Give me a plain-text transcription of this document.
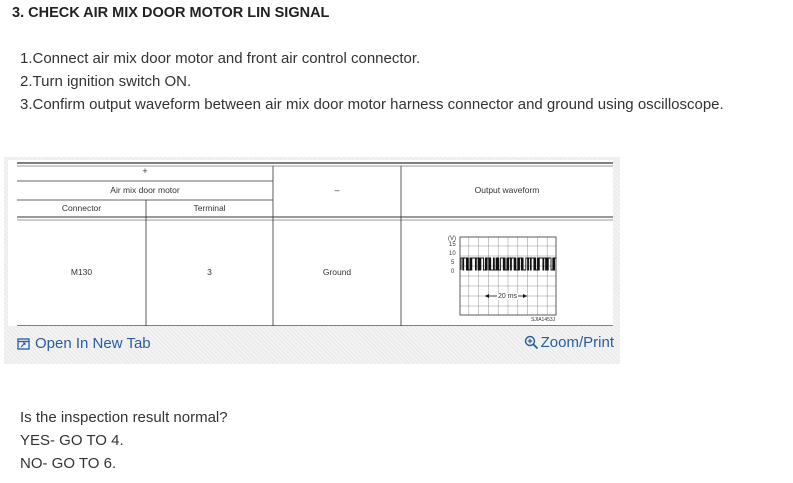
3. CHECK AIR MIX DOOR MOTOR LIN SIGNAL
1.Connect air mix door motor and front air control connector.
2.Turn ignition switch ON.
3.Confirm output waveform between air mix door motor harness connector and ground using oscilloscope.
+
Air mix door motor	–	Output waveform
Connector	Terminal
M130	3	Ground
(V)
15
10
5
0
20 ms
SJIA1453J
Open In New Tab	Zoom/Print
Is the inspection result normal?
YES- GO TO 4.
NO- GO TO 6.
